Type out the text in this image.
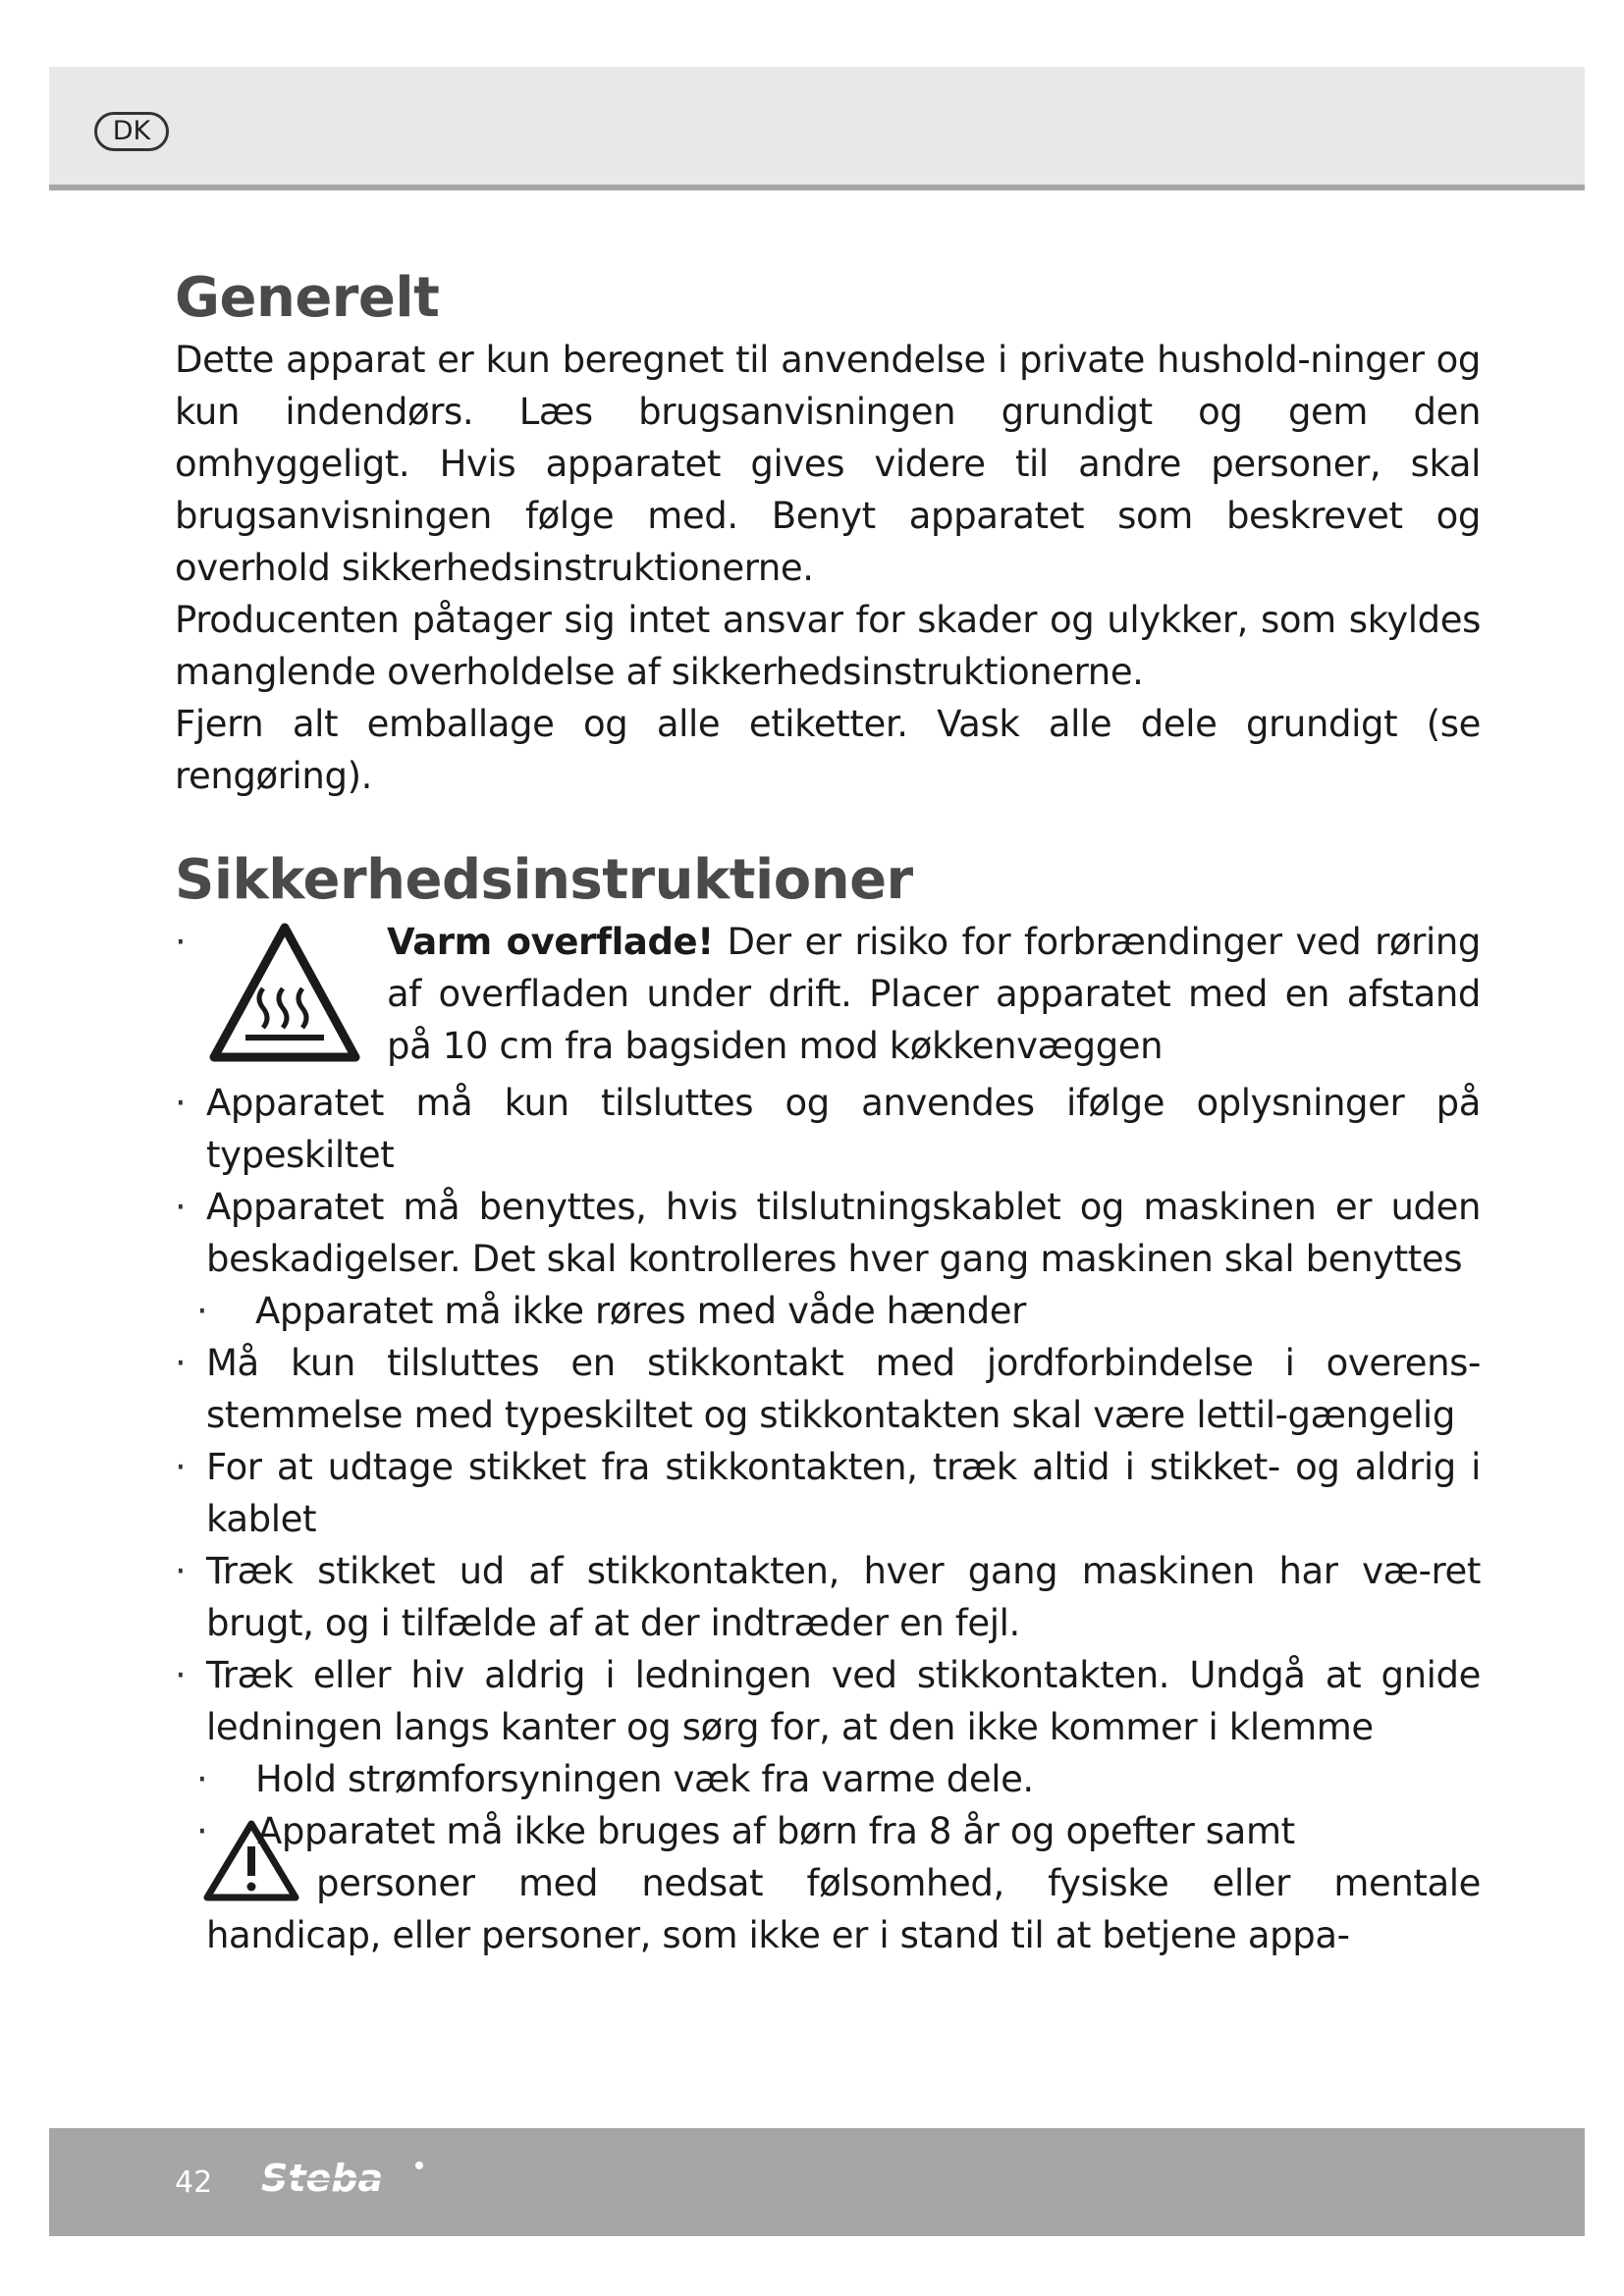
DK
Generelt

Dette apparat er kun beregnet til anvendelse i private hushold-ninger og kun indendørs. Læs brugsanvisningen grundigt og gem den omhyggeligt. Hvis apparatet gives videre til andre personer, skal brugsanvisningen følge med. Benyt apparatet som beskrevet og overhold sikkerhedsinstruktionerne.

Producenten påtager sig intet ansvar for skader og ulykker, som skyldes manglende overholdelse af sikkerhedsinstruktionerne.

Fjern alt emballage og alle etiketter. Vask alle dele grundigt (se rengøring).

Sikkerhedsinstruktioner
·	Varm overflade! Der er risiko for forbrændinger ved røring af overfladen under drift. Placer apparatet med en afstand på 10 cm fra bagsiden mod køkkenvæggen
· Apparatet må kun tilsluttes og anvendes ifølge oplysninger på typeskiltet
· Apparatet må benyttes, hvis tilslutningskablet og maskinen er uden beskadigelser. Det skal kontrolleres hver gang maskinen skal benyttes
· Apparatet må ikke røres med våde hænder
· Må kun tilsluttes en stikkontakt med jordforbindelse i overens-stemmelse med typeskiltet og stikkontakten skal være lettil-gængelig
· For at udtage stikket fra stikkontakten, træk altid i stikket- og aldrig i kablet
· Træk stikket ud af stikkontakten, hver gang maskinen har væ-ret brugt, og i tilfælde af at der indtræder en fejl.
· Træk eller hiv aldrig i ledningen ved stikkontakten. Undgå at gnide ledningen langs kanter og sørg for, at den ikke kommer i klemme
· Hold strømforsyningen væk fra varme dele.
·	Apparatet må ikke bruges af børn fra 8 år og opefter samt
personer med nedsat følsomhed, fysiske eller mentale
handicap, eller personer, som ikke er i stand til at betjene appa-
42 Steba
